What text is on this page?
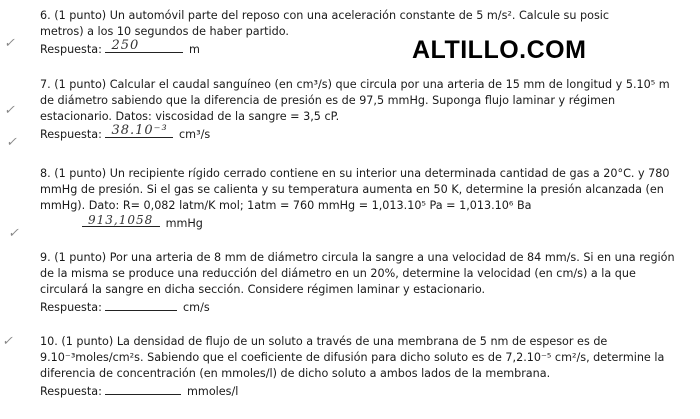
ALTILLO.COM
✓
✓
✓
✓
✓
6. (1 punto) Un automóvil parte del reposo con una aceleración constante de 5 m/s². Calcule su posic
metros) a los 10 segundos de haber partido.
Respuesta: 250	m
7. (1 punto) Calcular el caudal sanguíneo (en cm³/s) que circula por una arteria de 15 mm de longitud y 5.10⁵ m
de diámetro sabiendo que la diferencia de presión es de 97,5 mmHg. Suponga flujo laminar y régimen
estacionario. Datos: viscosidad de la sangre = 3,5 cP.
Respuesta: 38.10⁻³ cm³/s
8. (1 punto) Un recipiente rígido cerrado contiene en su interior una determinada cantidad de gas a 20°C. y 780
mmHg de presión. Si el gas se calienta y su temperatura aumenta en 50 K, determine la presión alcanzada (en
mmHg). Dato: R= 0,082 latm/K mol; 1atm = 760 mmHg = 1,013.10⁵ Pa = 1,013.10⁶ Ba
913,1058 mmHg
9. (1 punto) Por una arteria de 8 mm de diámetro circula la sangre a una velocidad de 84 mm/s. Si en una región
de la misma se produce una reducción del diámetro en un 20%, determine la velocidad (en cm/s) a la que
circulará la sangre en dicha sección. Considere régimen laminar y estacionario.
Respuesta:	cm/s
10. (1 punto) La densidad de flujo de un soluto a través de una membrana de 5 nm de espesor es de
9.10⁻³moles/cm²s. Sabiendo que el coeficiente de difusión para dicho soluto es de 7,2.10⁻⁵ cm²/s, determine la
diferencia de concentración (en mmoles/l) de dicho soluto a ambos lados de la membrana.
Respuesta:	mmoles/l
